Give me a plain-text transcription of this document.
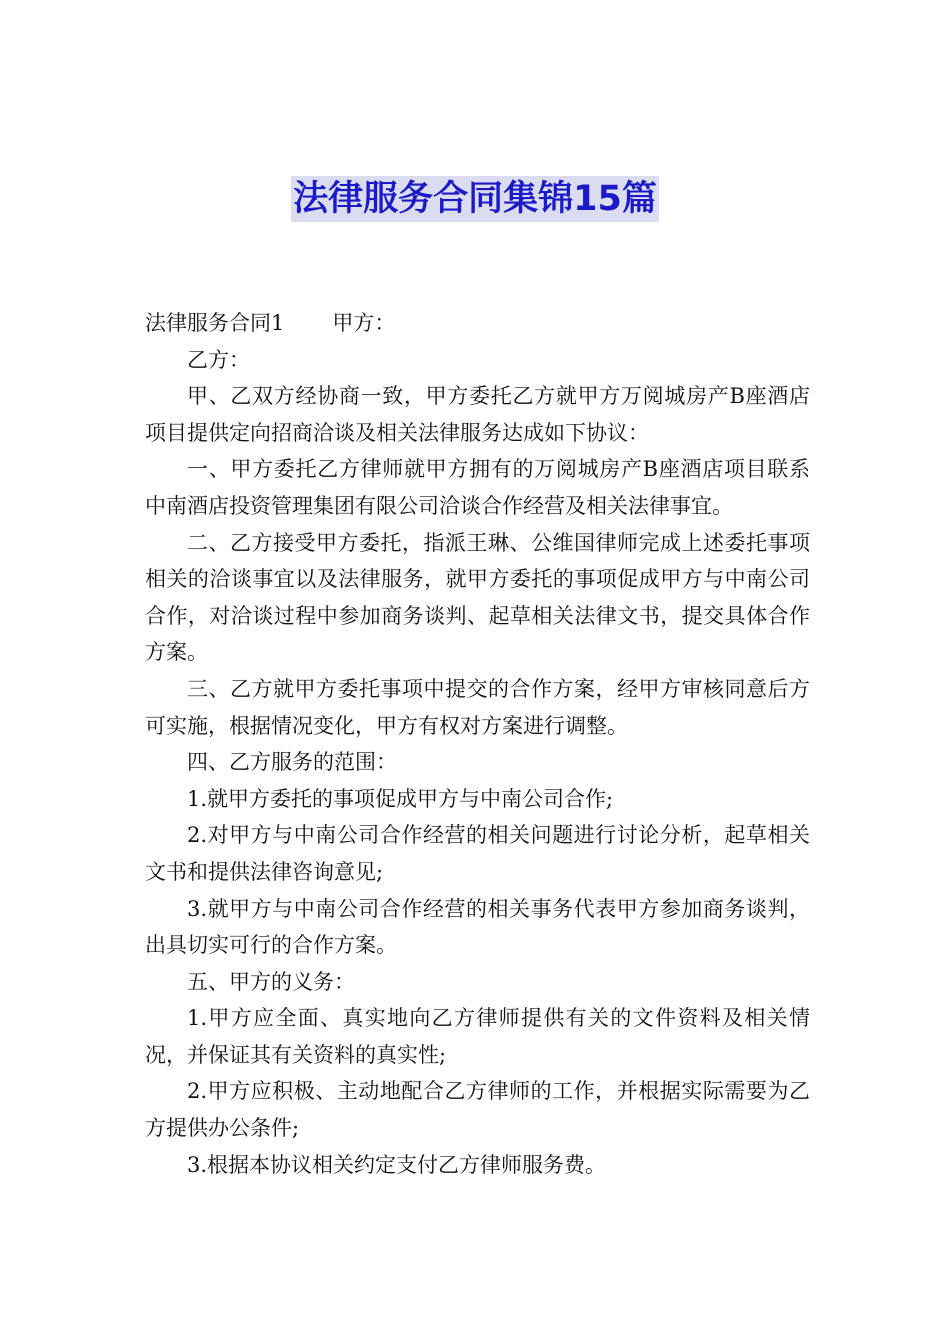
法律服务合同集锦15篇

法律服务合同1 甲方：

乙方：

甲、乙双方经协商一致，甲方委托乙方就甲方万阅城房产B座酒店项目提供定向招商洽谈及相关法律服务达成如下协议：

一、甲方委托乙方律师就甲方拥有的万阅城房产B座酒店项目联系中南酒店投资管理集团有限公司洽谈合作经营及相关法律事宜。

二、乙方接受甲方委托，指派王琳、公维国律师完成上述委托事项相关的洽谈事宜以及法律服务，就甲方委托的事项促成甲方与中南公司合作，对洽谈过程中参加商务谈判、起草相关法律文书，提交具体合作方案。

三、乙方就甲方委托事项中提交的合作方案，经甲方审核同意后方可实施，根据情况变化，甲方有权对方案进行调整。

四、乙方服务的范围：

1.就甲方委托的事项促成甲方与中南公司合作;

2.对甲方与中南公司合作经营的相关问题进行讨论分析，起草相关文书和提供法律咨询意见;

3.就甲方与中南公司合作经营的相关事务代表甲方参加商务谈判，出具切实可行的合作方案。

五、甲方的义务：

1.甲方应全面、真实地向乙方律师提供有关的文件资料及相关情况，并保证其有关资料的真实性;

2.甲方应积极、主动地配合乙方律师的工作，并根据实际需要为乙方提供办公条件;

3.根据本协议相关约定支付乙方律师服务费。
